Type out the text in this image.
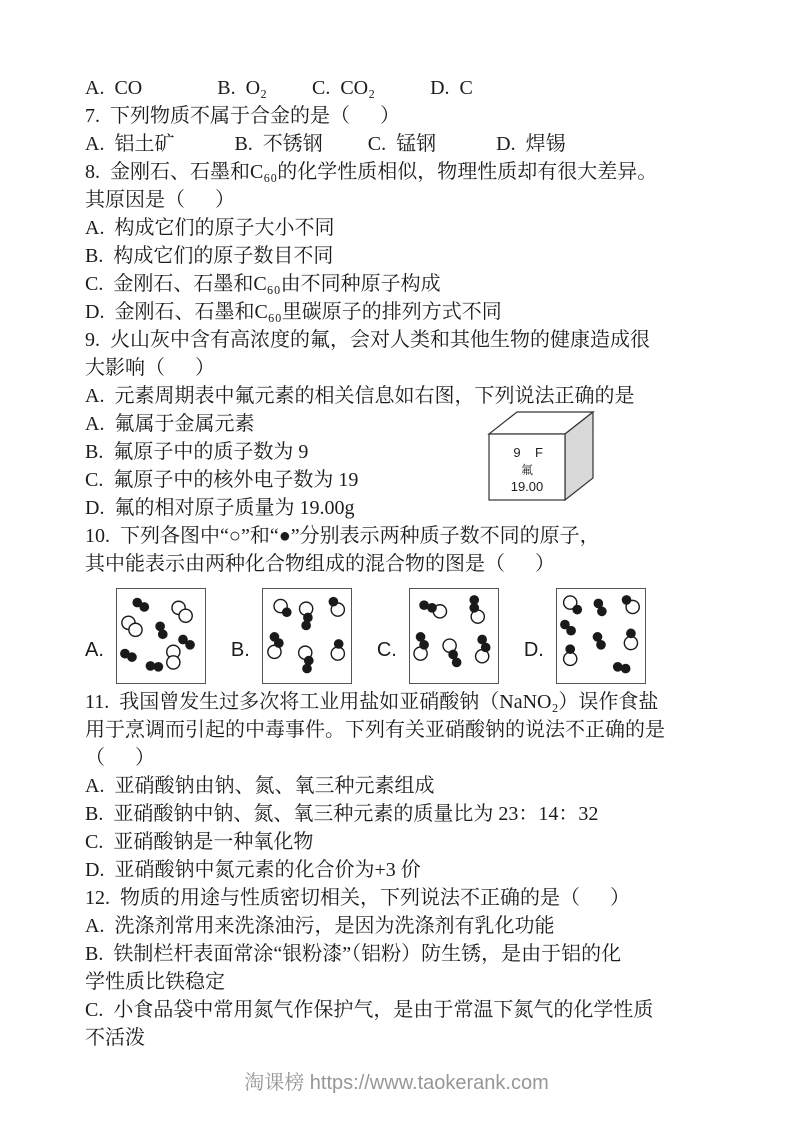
A.  CO               B.  O₂         C.  CO₂           D.  C
7.  下列物质不属于合金的是（      ）
A.  铝土矿            B.  不锈钢         C.  锰钢            D.  焊锡
8.  金刚石、石墨和C₆₀的化学性质相似，物理性质却有很大差异。
其原因是（      ）
A.  构成它们的原子大小不同
B.  构成它们的原子数目不同
C.  金刚石、石墨和C₆₀由不同种原子构成
D.  金刚石、石墨和C₆₀里碳原子的排列方式不同
9.  火山灰中含有高浓度的氟，会对人类和其他生物的健康造成很
大影响（      ）
A.  元素周期表中氟元素的相关信息如右图，下列说法正确的是
A.  氟属于金属元素
B.  氟原子中的质子数为 9
C.  氟原子中的核外电子数为 19
D.  氟的相对原子质量为 19.00g
10.  下列各图中“○”和“●”分别表示两种质子数不同的原子，
其中能表示由两种化合物组成的混合物的图是（      ）
9 F
氟
19.00
A.	B.	C.	D.
11.  我国曾发生过多次将工业用盐如亚硝酸钠（NaNO₂）误作食盐
用于烹调而引起的中毒事件。下列有关亚硝酸钠的说法不正确的是
（      ）
A.  亚硝酸钠由钠、氮、氧三种元素组成
B.  亚硝酸钠中钠、氮、氧三种元素的质量比为 23：14：32
C.  亚硝酸钠是一种氧化物
D.  亚硝酸钠中氮元素的化合价为+3 价
12.  物质的用途与性质密切相关，下列说法不正确的是（      ）
A.  洗涤剂常用来洗涤油污，是因为洗涤剂有乳化功能
B.  铁制栏杆表面常涂“银粉漆”（铝粉）防生锈，是由于铝的化
学性质比铁稳定
C.  小食品袋中常用氮气作保护气，是由于常温下氮气的化学性质
不活泼
淘课榜 https://www.taokerank.com
